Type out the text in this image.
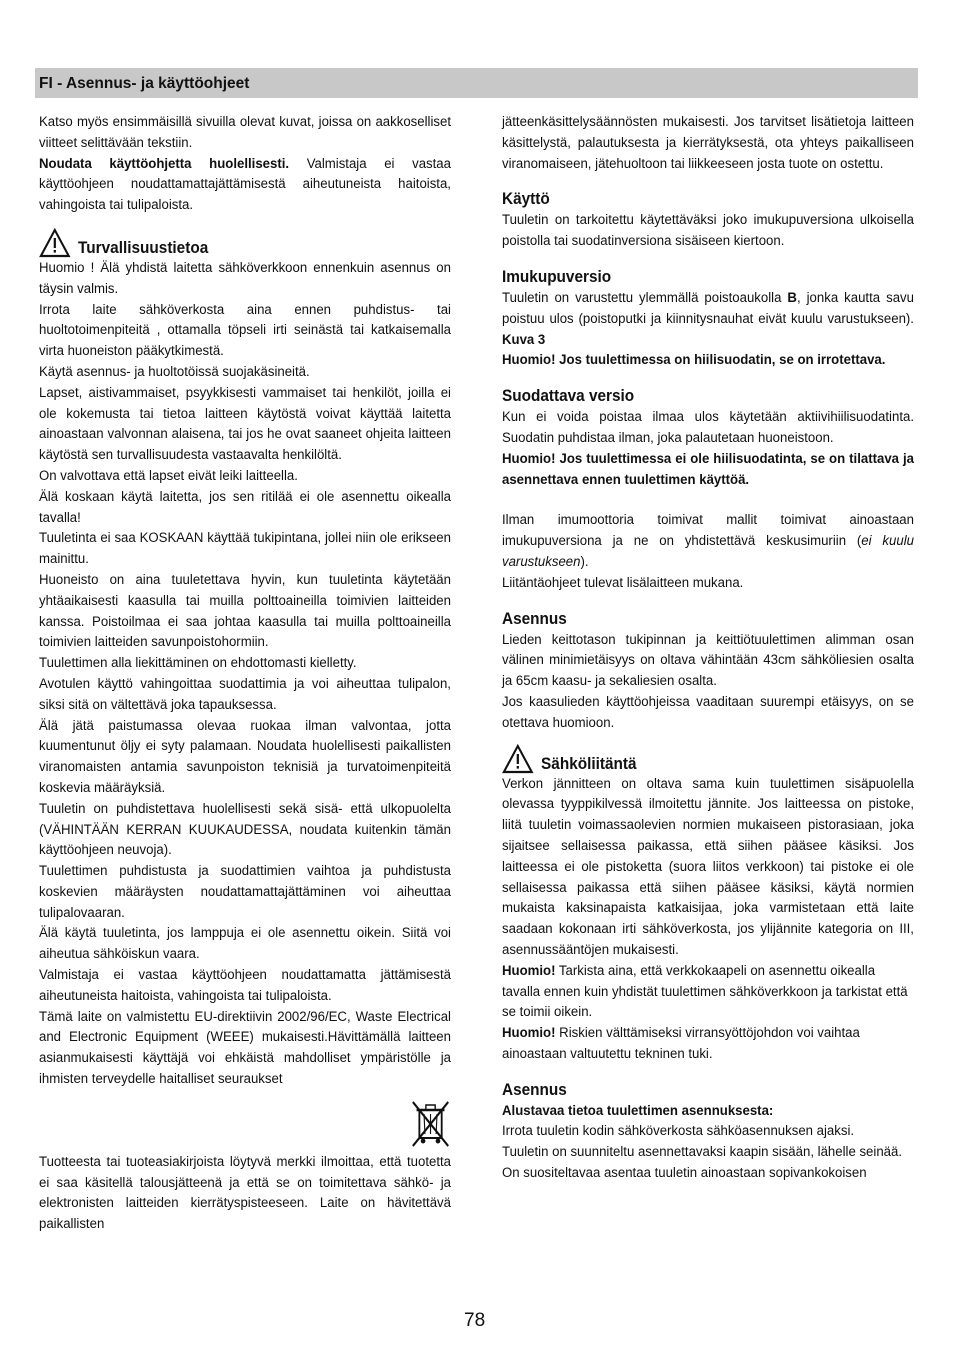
FI - Asennus- ja käyttöohjeet

Katso myös ensimmäisillä sivuilla olevat kuvat, joissa on aakkoselliset viitteet selittävään tekstiin.

Noudata käyttöohjetta huolellisesti. Valmistaja ei vastaa käyttöohjeen noudattamattajättämisestä aiheutuneista haitoista, vahingoista tai tulipaloista.

Turvallisuustietoa

Huomio ! Älä yhdistä laitetta sähköverkkoon ennenkuin asennus on täysin valmis.

Irrota laite sähköverkosta aina ennen puhdistus- tai huoltotoimenpiteitä , ottamalla töpseli irti seinästä tai katkaisemalla virta huoneiston pääkytkimestä.

Käytä asennus- ja huoltotöissä suojakäsineitä.

Lapset, aistivammaiset, psyykkisesti vammaiset tai henkilöt, joilla ei ole kokemusta tai tietoa laitteen käytöstä voivat käyttää laitetta ainoastaan valvonnan alaisena, tai jos he ovat saaneet ohjeita laitteen käytöstä sen turvallisuudesta vastaavalta henkilöltä.

On valvottava että lapset eivät leiki laitteella.

Älä koskaan käytä laitetta, jos sen ritilää ei ole asennettu oikealla tavalla!

Tuuletinta ei saa KOSKAAN käyttää tukipintana, jollei niin ole erikseen mainittu.

Huoneisto on aina tuuletettava hyvin, kun tuuletinta käytetään yhtäaikaisesti kaasulla tai muilla polttoaineilla toimivien laitteiden kanssa. Poistoilmaa ei saa johtaa kaasulla tai muilla polttoaineilla toimivien laitteiden savunpoistohormiin.

Tuulettimen alla liekittäminen on ehdottomasti kielletty.

Avotulen käyttö vahingoittaa suodattimia ja voi aiheuttaa tulipalon, siksi sitä on vältettävä joka tapauksessa.

Älä jätä paistumassa olevaa ruokaa ilman valvontaa, jotta kuumentunut öljy ei syty palamaan. Noudata huolellisesti paikallisten viranomaisten antamia savunpoiston teknisiä ja turvatoimenpiteitä koskevia määräyksiä.

Tuuletin on puhdistettava huolellisesti sekä sisä- että ulkopuolelta (VÄHINTÄÄN KERRAN KUUKAUDESSA, noudata kuitenkin tämän käyttöohjeen neuvoja).

Tuulettimen puhdistusta ja suodattimien vaihtoa ja puhdistusta koskevien määräysten noudattamattajättäminen voi aiheuttaa tulipalovaaran.

Älä käytä tuuletinta, jos lamppuja ei ole asennettu oikein. Siitä voi aiheutua sähköiskun vaara.

Valmistaja ei vastaa käyttöohjeen noudattamatta jättämisestä aiheutuneista haitoista, vahingoista tai tulipaloista.

Tämä laite on valmistettu EU-direktiivin 2002/96/EC, Waste Electrical and Electronic Equipment (WEEE) mukaisesti.Hävittämällä laitteen asianmukaisesti käyttäjä voi ehkäistä mahdolliset ympäristölle ja ihmisten terveydelle haitalliset seuraukset

Tuotteesta tai tuoteasiakirjoista löytyvä merkki ilmoittaa, että tuotetta ei saa käsitellä talousjätteenä ja että se on toimitettava sähkö- ja elektronisten laitteiden kierrätyspisteeseen. Laite on hävitettävä paikallisten

jätteenkäsittelysäännösten mukaisesti. Jos tarvitset lisätietoja laitteen käsittelystä, palautuksesta ja kierrätyksestä, ota yhteys paikalliseen viranomaiseen, jätehuoltoon tai liikkeeseen josta tuote on ostettu.

Käyttö

Tuuletin on tarkoitettu käytettäväksi joko imukupuversiona ulkoisella poistolla tai suodatinversiona sisäiseen kiertoon.

Imukupuversio

Tuuletin on varustettu ylemmällä poistoaukolla B, jonka kautta savu poistuu ulos (poistoputki ja kiinnitysnauhat eivät kuulu varustukseen). Kuva 3

Huomio! Jos tuulettimessa on hiilisuodatin, se on irrotettava.

Suodattava versio

Kun ei voida poistaa ilmaa ulos käytetään aktiivihiilisuodatinta. Suodatin puhdistaa ilman, joka palautetaan huoneistoon.

Huomio! Jos tuulettimessa ei ole hiilisuodatinta, se on tilattava ja asennettava ennen tuulettimen käyttöä.

Ilman imumoottoria toimivat mallit toimivat ainoastaan imukupuversiona ja ne on yhdistettävä keskusimuriin (ei kuulu varustukseen).

Liitäntäohjeet tulevat lisälaitteen mukana.

Asennus

Lieden keittotason tukipinnan ja keittiötuulettimen alimman osan välinen minimietäisyys on oltava vähintään 43cm sähköliesien osalta ja 65cm kaasu- ja sekaliesien osalta.

Jos kaasulieden käyttöohjeissa vaaditaan suurempi etäisyys, on se otettava huomioon.

Sähköliitäntä

Verkon jännitteen on oltava sama kuin tuulettimen sisäpuolella olevassa tyyppikilvessä ilmoitettu jännite. Jos laitteessa on pistoke, liitä tuuletin voimassaolevien normien mukaiseen pistorasiaan, joka sijaitsee sellaisessa paikassa, että siihen pääsee käsiksi. Jos laitteessa ei ole pistoketta (suora liitos verkkoon) tai pistoke ei ole sellaisessa paikassa että siihen pääsee käsiksi, käytä normien mukaista kaksinapaista katkaisijaa, joka varmistetaan että laite saadaan kokonaan irti sähköverkosta, jos ylijännite kategoria on III, asennussääntöjen mukaisesti.

Huomio! Tarkista aina, että verkkokaapeli on asennettu oikealla tavalla ennen kuin yhdistät tuulettimen sähköverkkoon ja tarkistat että se toimii oikein.

Huomio! Riskien välttämiseksi virransyöttöjohdon voi vaihtaa ainoastaan valtuutettu tekninen tuki.

Asennus

Alustavaa tietoa tuulettimen asennuksesta:

Irrota tuuletin kodin sähköverkosta sähköasennuksen ajaksi.

Tuuletin on suunniteltu asennettavaksi kaapin sisään, lähelle seinää.

On suositeltavaa asentaa tuuletin ainoastaan sopivankokoisen

78
